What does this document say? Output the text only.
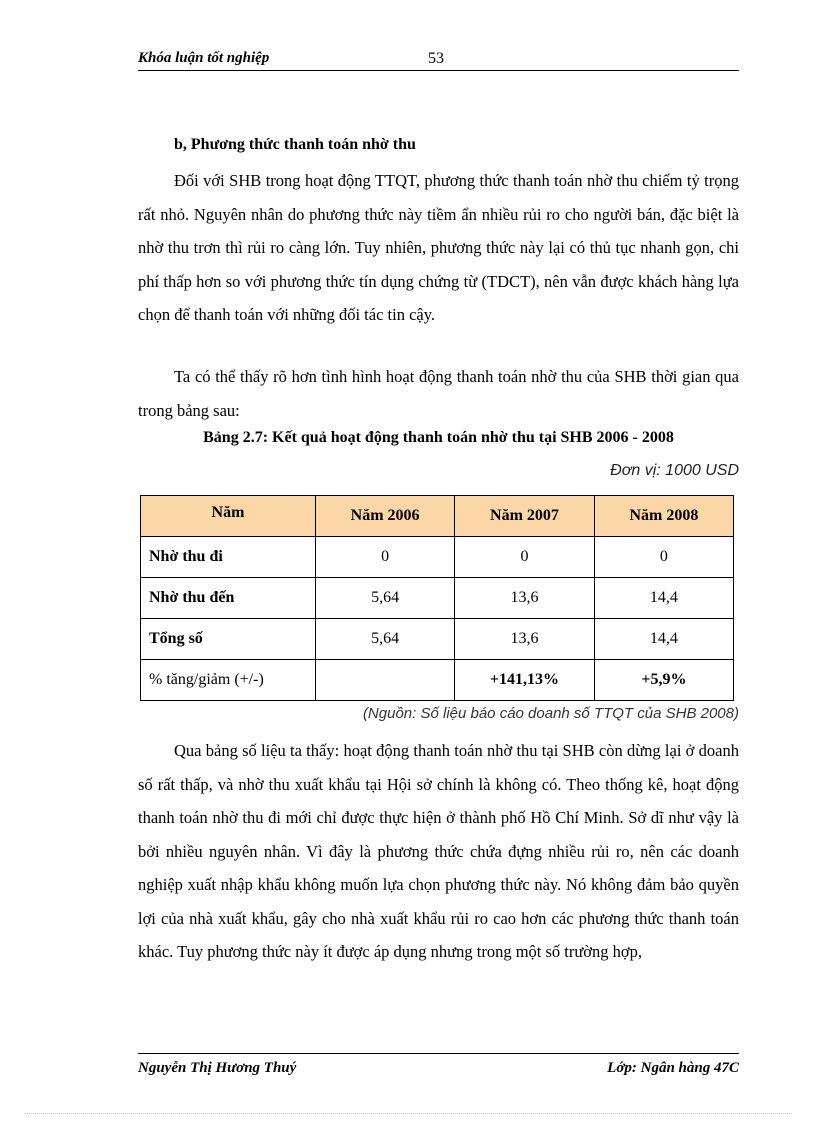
Khóa luận tốt nghiệp	53
b, Phương thức thanh toán nhờ thu

Đối với SHB trong hoạt động TTQT, phương thức thanh toán nhờ thu chiếm tỷ trọng rất nhỏ. Nguyên nhân do phương thức này tiềm ẩn nhiều rủi ro cho người bán, đặc biệt là nhờ thu trơn thì rủi ro càng lớn. Tuy nhiên, phương thức này lại có thủ tục nhanh gọn, chi phí thấp hơn so với phương thức tín dụng chứng từ (TDCT), nên vẫn được khách hàng lựa chọn để thanh toán với những đối tác tin cậy.

Ta có thể thấy rõ hơn tình hình hoạt động thanh toán nhờ thu của SHB thời gian qua trong bảng sau:

Bảng 2.7: Kết quả hoạt động thanh toán nhờ thu tại SHB 2006 - 2008
Đơn vị: 1000 USD
Năm	Năm 2006	Năm 2007	Năm 2008
Nhờ thu đi	0	0	0
Nhờ thu đến	5,64	13,6	14,4
Tổng số	5,64	13,6	14,4
% tăng/giảm (+/-)		+141,13%	+5,9%
(Nguồn: Số liệu báo cáo doanh số TTQT của SHB 2008)

Qua bảng số liệu ta thấy: hoạt động thanh toán nhờ thu tại SHB còn dừng lại ở doanh số rất thấp, và nhờ thu xuất khẩu tại Hội sở chính là không có. Theo thống kê, hoạt động thanh toán nhờ thu đi mới chỉ được thực hiện ở thành phố Hồ Chí Minh. Sở dĩ như vậy là bởi nhiều nguyên nhân. Vì đây là phương thức chứa đựng nhiều rủi ro, nên các doanh nghiệp xuất nhập khẩu không muốn lựa chọn phương thức này. Nó không đảm bảo quyền lợi của nhà xuất khẩu, gây cho nhà xuất khẩu rủi ro cao hơn các phương thức thanh toán khác. Tuy phương thức này ít được áp dụng nhưng trong một số trường hợp,

Nguyễn Thị Hương Thuý	Lớp: Ngân hàng 47C
